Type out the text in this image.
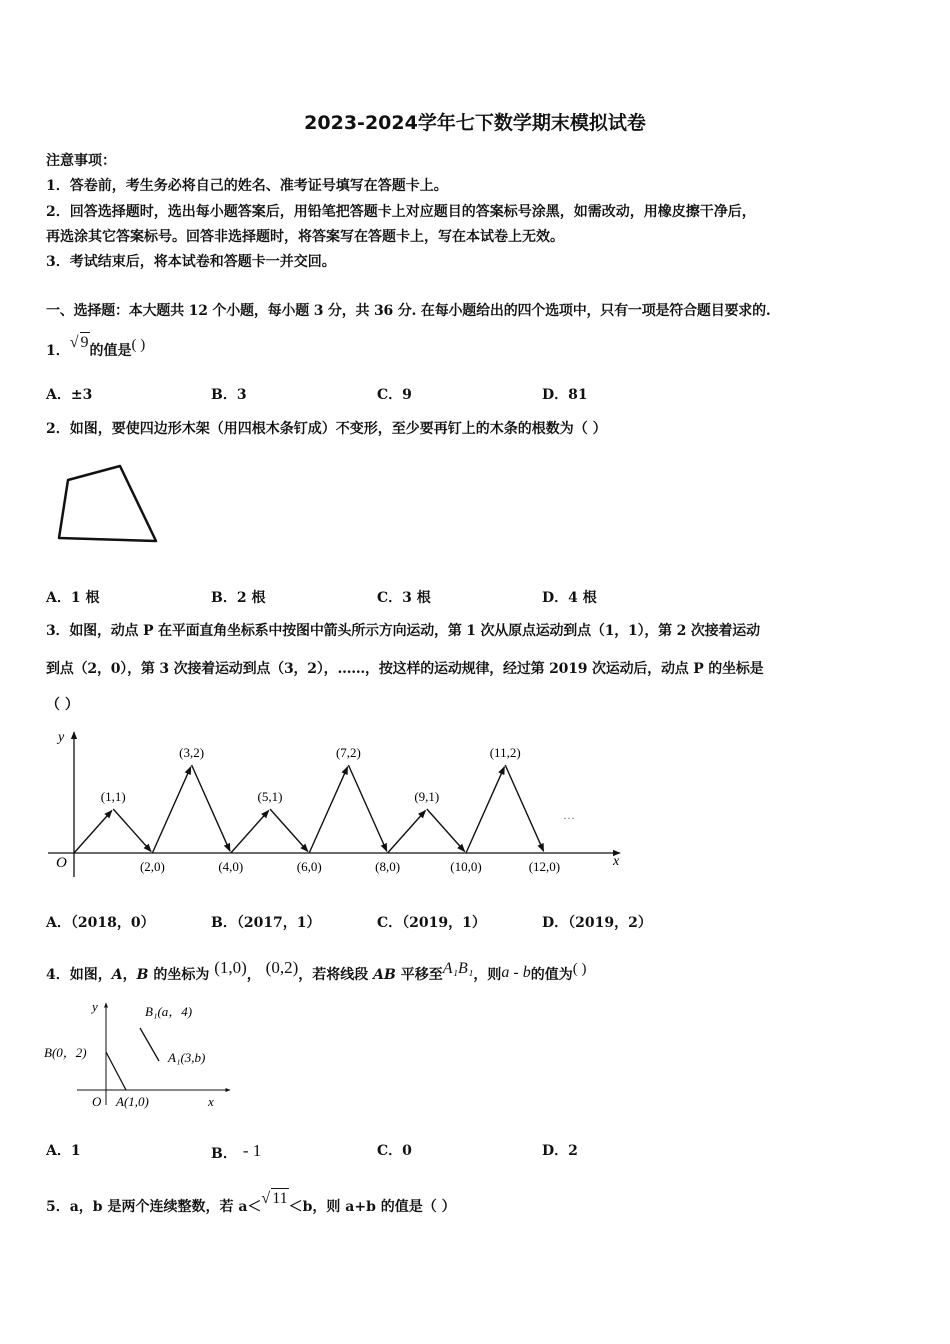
2023-2024学年七下数学期末模拟试卷
注意事项：
1．答卷前，考生务必将自己的姓名、准考证号填写在答题卡上。
2．回答选择题时，选出每小题答案后，用铅笔把答题卡上对应题目的答案标号涂黑，如需改动，用橡皮擦干净后，
再选涂其它答案标号。回答非选择题时，将答案写在答题卡上，写在本试卷上无效。
3．考试结束后，将本试卷和答题卡一并交回。
一、选择题：本大题共 12 个小题，每小题 3 分，共 36 分. 在每小题给出的四个选项中，只有一项是符合题目要求的.
1．√ 9的值是( )
A．±3	B．3	C．9	D．81
2．如图，要使四边形木架（用四根木条钉成）不变形，至少要再钉上的木条的根数为（ ）
A．1 根	B．2 根	C．3 根	D．4 根
3．如图，动点 P 在平面直角坐标系中按图中箭头所示方向运动，第 1 次从原点运动到点（1，1），第 2 次接着运动
到点（2，0），第 3 次接着运动到点（3，2），……，按这样的运动规律，经过第 2019 次运动后，动点 P 的坐标是
（ ）
x
y
O
···
(1,1)
(2,0)
(3,2)
(4,0)
(5,1)
(6,0)
(7,2)
(8,0)
(9,1)
(10,0)
(11,2)
(12,0)
A．（2018，0）	B．（2017，1）	C．（2019，1）	D．（2019，2）
4．如图，A，B 的坐标为 (1,0)， (0,2)，若将线段 AB 平移至A₁B₁，则a - b的值为( )
y
x
O
B(0，2)
A(1,0)
B₁(a，4)
A₁(3,b)
A．1	B． - 1	C．0	D．2
5．a，b 是两个连续整数，若 a＜√ 11＜b，则 a+b 的值是（ ）
